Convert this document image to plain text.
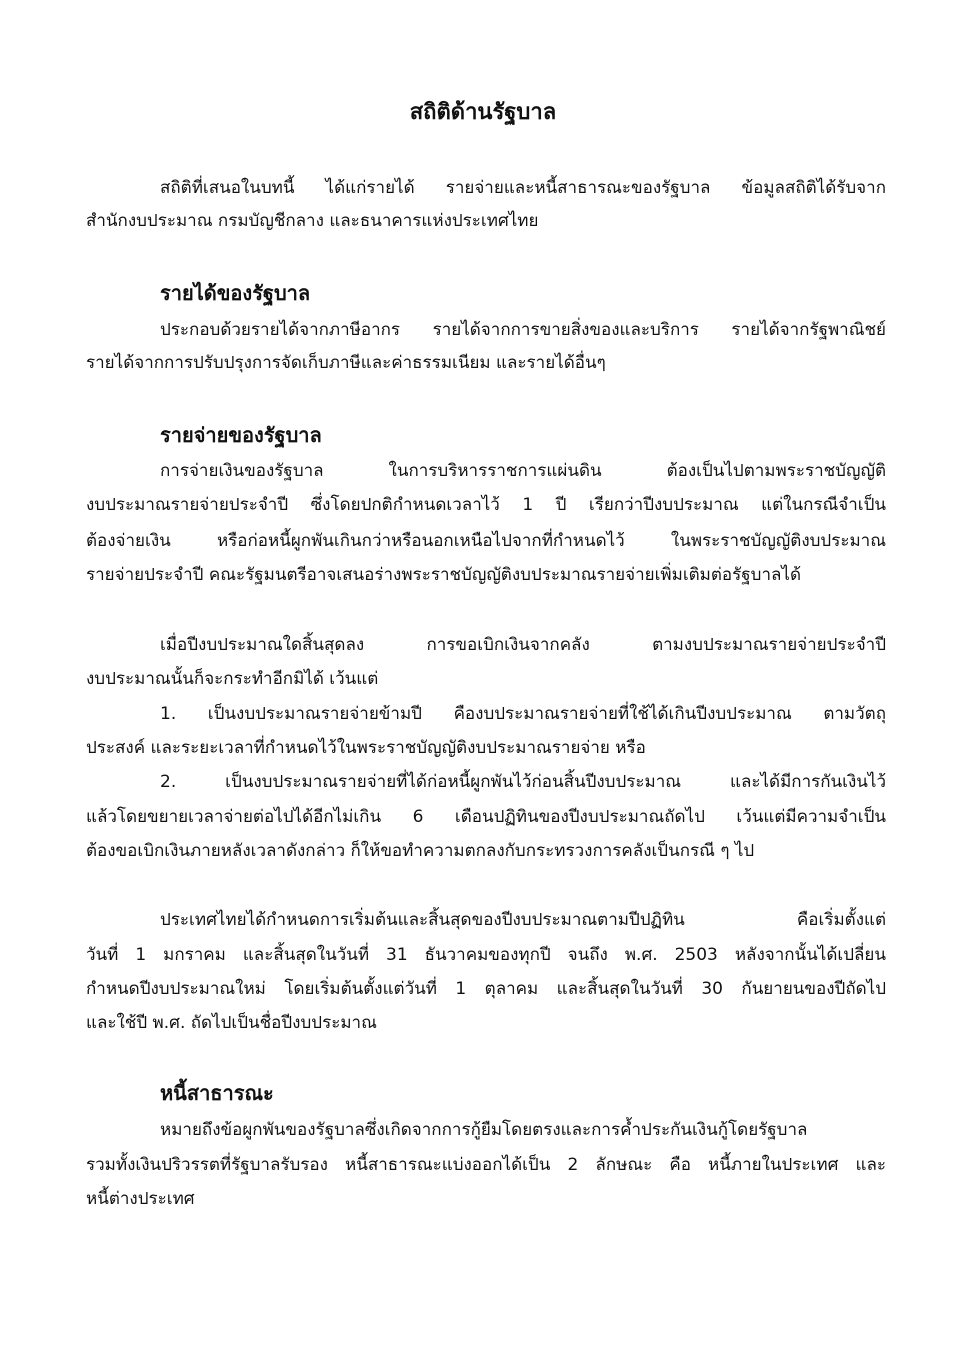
สถิติด้านรัฐบาล

สถิติที่เสนอในบทนี้ ได้แก่รายได้ รายจ่ายและหนี้สาธารณะของรัฐบาล ข้อมูลสถิติได้รับจาก

สำนักงบประมาณ กรมบัญชีกลาง และธนาคารแห่งประเทศไทย

รายได้ของรัฐบาล

ประกอบด้วยรายได้จากภาษีอากร รายได้จากการขายสิ่งของและบริการ รายได้จากรัฐพาณิชย์

รายได้จากการปรับปรุงการจัดเก็บภาษีและค่าธรรมเนียม และรายได้อื่นๆ

รายจ่ายของรัฐบาล

การจ่ายเงินของรัฐบาล ในการบริหารราชการแผ่นดิน ต้องเป็นไปตามพระราชบัญญัติ

งบประมาณรายจ่ายประจำปี ซึ่งโดยปกติกำหนดเวลาไว้ 1 ปี เรียกว่าปีงบประมาณ แต่ในกรณีจำเป็น

ต้องจ่ายเงิน หรือก่อหนี้ผูกพันเกินกว่าหรือนอกเหนือไปจากที่กำหนดไว้ ในพระราชบัญญัติงบประมาณ

รายจ่ายประจำปี คณะรัฐมนตรีอาจเสนอร่างพระราชบัญญัติงบประมาณรายจ่ายเพิ่มเติมต่อรัฐบาลได้

เมื่อปีงบประมาณใดสิ้นสุดลง การขอเบิกเงินจากคลัง ตามงบประมาณรายจ่ายประจำปี

งบประมาณนั้นก็จะกระทำอีกมิได้ เว้นแต่

1. เป็นงบประมาณรายจ่ายข้ามปี คืองบประมาณรายจ่ายที่ใช้ได้เกินปีงบประมาณ ตามวัตถุ

ประสงค์ และระยะเวลาที่กำหนดไว้ในพระราชบัญญัติงบประมาณรายจ่าย หรือ

2. เป็นงบประมาณรายจ่ายที่ได้ก่อหนี้ผูกพันไว้ก่อนสิ้นปีงบประมาณ และได้มีการกันเงินไว้

แล้วโดยขยายเวลาจ่ายต่อไปได้อีกไม่เกิน 6 เดือนปฏิทินของปีงบประมาณถัดไป เว้นแต่มีความจำเป็น

ต้องขอเบิกเงินภายหลังเวลาดังกล่าว ก็ให้ขอทำความตกลงกับกระทรวงการคลังเป็นกรณี ๆ ไป

ประเทศไทยได้กำหนดการเริ่มต้นและสิ้นสุดของปีงบประมาณตามปีปฏิทิน คือเริ่มตั้งแต่

วันที่ 1 มกราคม และสิ้นสุดในวันที่ 31 ธันวาคมของทุกปี จนถึง พ.ศ. 2503 หลังจากนั้นได้เปลี่ยน

กำหนดปีงบประมาณใหม่ โดยเริ่มต้นตั้งแต่วันที่ 1 ตุลาคม และสิ้นสุดในวันที่ 30 กันยายนของปีถัดไป

และใช้ปี พ.ศ. ถัดไปเป็นชื่อปีงบประมาณ

หนี้สาธารณะ

หมายถึงข้อผูกพันของรัฐบาลซึ่งเกิดจากการกู้ยืมโดยตรงและการค้ำประกันเงินกู้โดยรัฐบาล

รวมทั้งเงินปริวรรตที่รัฐบาลรับรอง หนี้สาธารณะแบ่งออกได้เป็น 2 ลักษณะ คือ หนี้ภายในประเทศ และ

หนี้ต่างประเทศ
